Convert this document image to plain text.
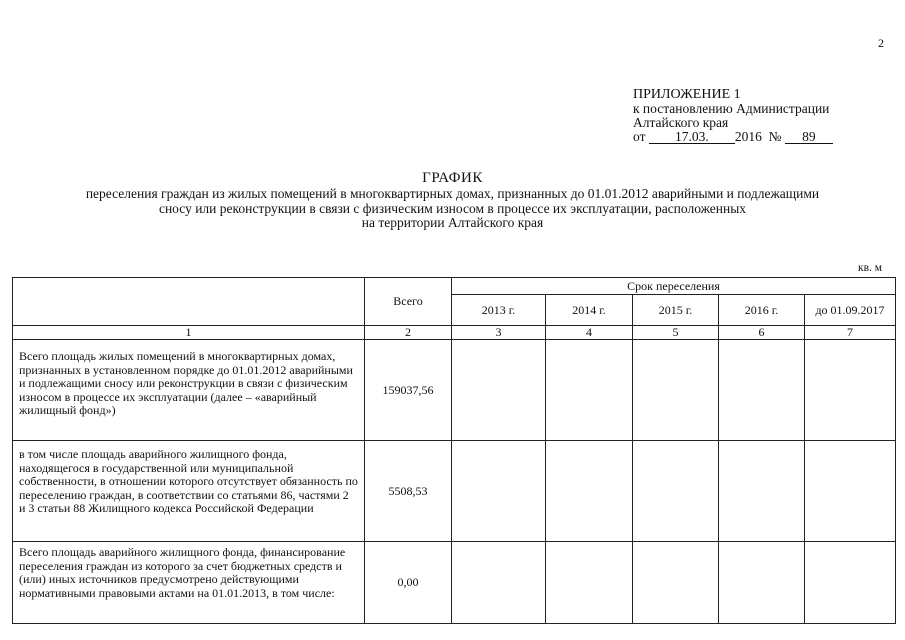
2
ПРИЛОЖЕНИЕ 1
к постановлению Администрации
Алтайского края
от 17.03. 2016 № 89
ГРАФИК
переселения граждан из жилых помещений в многоквартирных домах, признанных до 01.01.2012 аварийными и подлежащими
сносу или реконструкции в связи с физическим износом в процессе их эксплуатации, расположенных
на территории Алтайского края
кв. м
	Всего	Срок переселения				
		2013 г.	2014 г.	2015 г.	2016 г.	до 01.09.2017
1	2	3	4	5	6	7
Всего площадь жилых помещений в многоквартирных домах, признанных в установленном порядке до 01.01.2012 аварийными и подлежащими сносу или реконструкции в связи с физическим износом в процессе их эксплуатации (далее – «аварийный жилищный фонд»)	159037,56					
в том числе площадь аварийного жилищного фонда, находящегося в государственной или муниципальной собственности, в отношении которого отсутствует обязанность по переселению граждан, в соответствии со статьями 86, частями 2 и 3 статьи 88 Жилищного кодекса Российской Федерации	5508,53					
Всего площадь аварийного жилищного фонда, финансирование переселения граждан из которого за счет бюджетных средств и (или) иных источников предусмотрено действующими нормативными правовыми актами на 01.01.2013, в том числе:	0,00					
